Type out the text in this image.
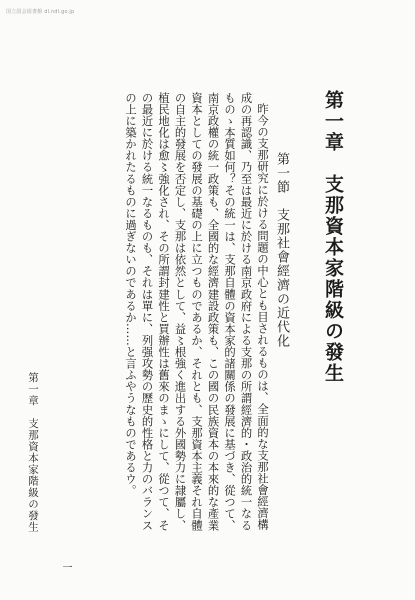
国立国会図書館 dl.ndl.go.jp
第一章　支那資本家階級の發生
第一節　支那社會經濟の近代化

昨今の支那研究に於ける問題の中心とも目されるものは、全面的な支那社會經濟構成の再認識、乃至は最近に於ける南京政府による支那の所謂經濟的・政治的統一なるものゝ本質如何？その統一は、支那自體の資本家的諸關係の發展に基づき、從つて、南京政權の統一政策も、全國的な經濟建設政策も、この國の民族資本の本來的な產業資本としての發展の基礎の上に立つものであるか、それとも、支那資本主義それ自體の自主的發展を否定し、支那は依然として、益〻根強く進出する外國勢力に隷屬し、植民地化は愈〻強化され、その所謂封建性と買辦性は舊來のまゝにして、從つて、その最近に於ける統一なるものも、それは單に、列强攻勢の歷史的性格と力のバランスの上に築かれたるものに過ぎないのであるか……と言ふやうなものであるウ。

第一章　支那資本家階級の發生
一
